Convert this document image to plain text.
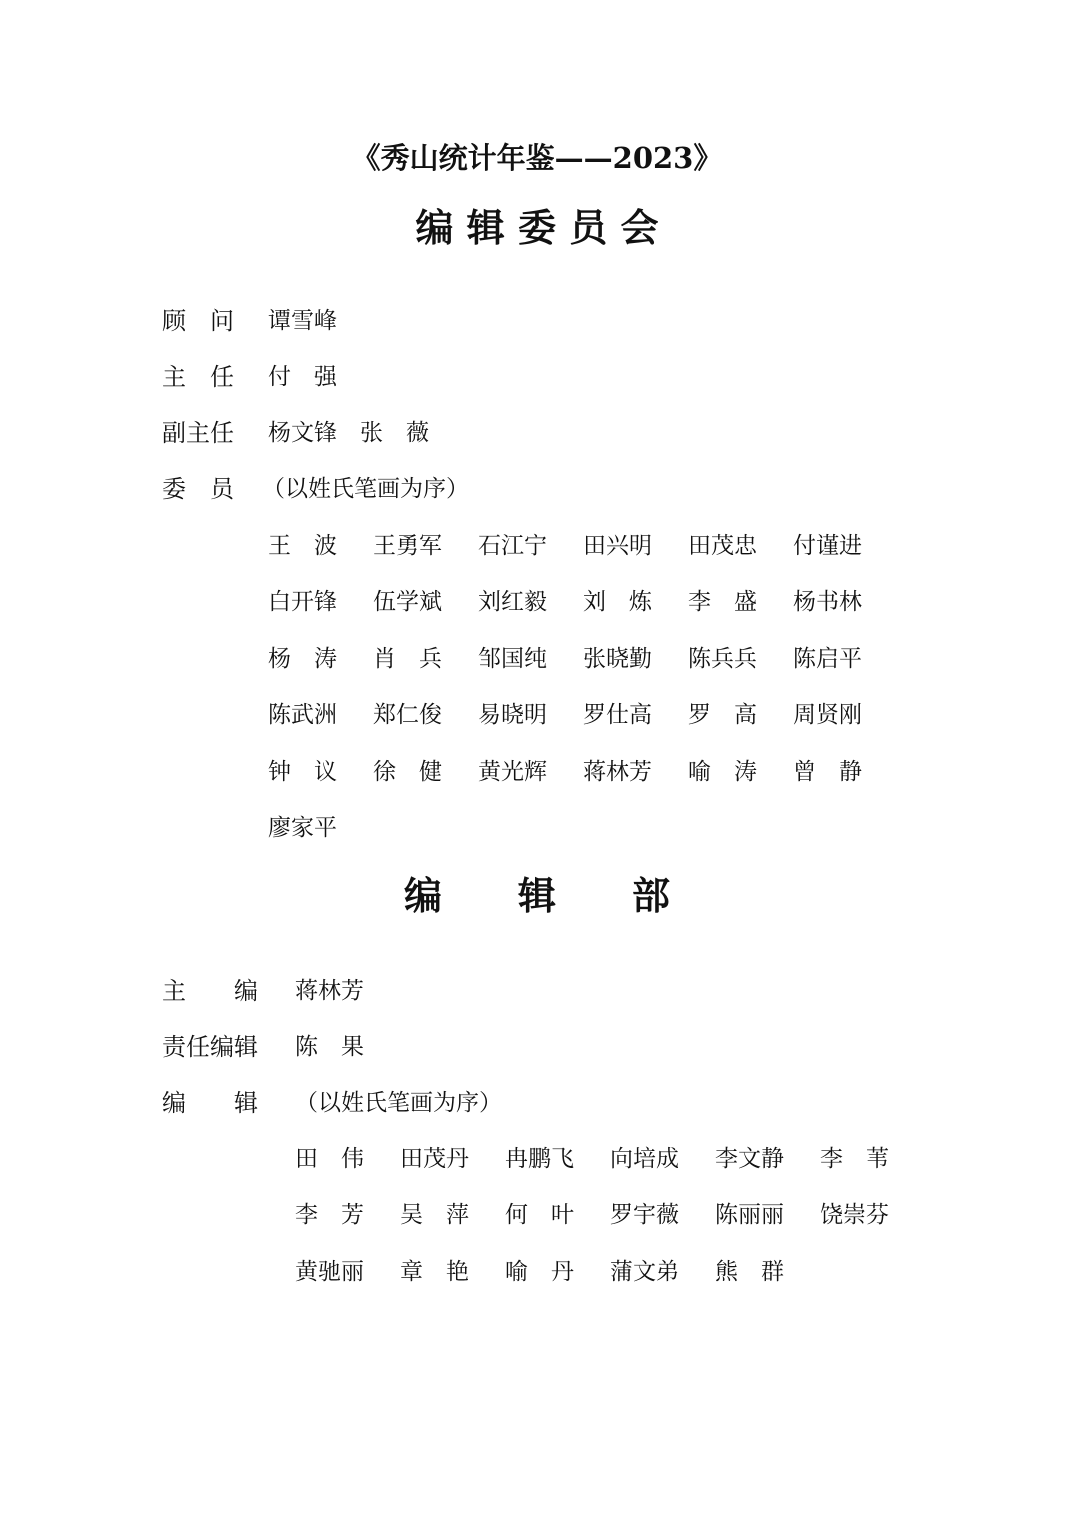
《秀山统计年鉴——2023》
编 辑 委 员 会
顾　问 谭雪峰
主　任 付　强
副主任 杨文锋　张　薇
委　员 （以姓氏笔画为序）
王　波 王勇军 石江宁 田兴明 田茂忠 付谨进
白开锋 伍学斌 刘红毅 刘　炼 李　盛 杨书林
杨　涛 肖　兵 邹国纯 张晓勤 陈兵兵 陈启平
陈武洲 郑仁俊 易晓明 罗仕高 罗　高 周贤刚
钟　议 徐　健 黄光辉 蒋林芳 喻　涛 曾　静
廖家平
编　　辑　　部
主　　编 蒋林芳
责任编辑 陈　果
编　　辑 （以姓氏笔画为序）
田　伟 田茂丹 冉鹏飞 向培成 李文静 李　苇
李　芳 吴　萍 何　叶 罗宇薇 陈丽丽 饶崇芬
黄驰丽 章　艳 喻　丹 蒲文弟 熊　群
